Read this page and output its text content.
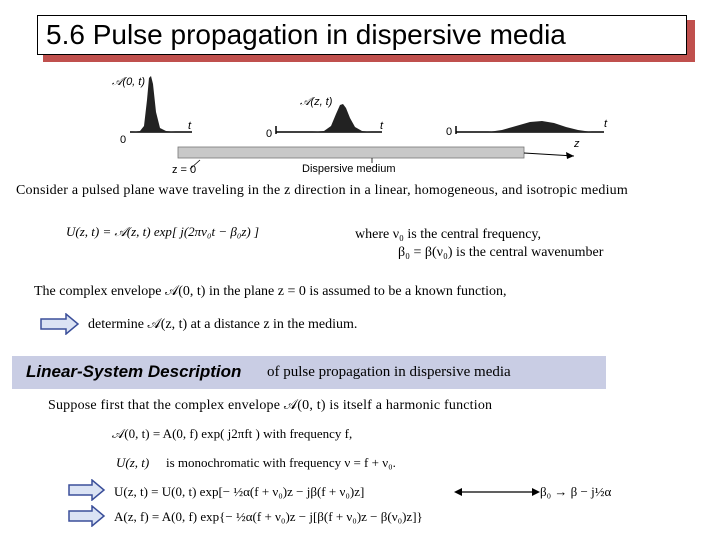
5.6 Pulse propagation in dispersive media
𝒜(0, t)
𝒜(z, t)
0	0	0
t	t	t
z
z = 0	Dispersive medium
Consider a pulsed plane wave traveling in the z direction in a linear, homogeneous, and isotropic medium
U(z, t) = 𝒜(z, t) exp[ j(2πν₀t − β₀z) ]	where ν₀ is the central frequency,
β₀ = β(ν₀) is the central wavenumber
The complex envelope 𝒜(0, t) in the plane z = 0 is assumed to be a known function,
determine 𝒜(z, t) at a distance z in the medium.
Linear-System Description of pulse propagation in dispersive media
Suppose first that the complex envelope 𝒜(0, t) is itself a harmonic function
𝒜(0, t) = A(0, f) exp( j2πft ) with frequency f,
U(z, t) is monochromatic with frequency ν = f + ν₀.
U(z, t) = U(0, t) exp[− ½α(f + ν₀)z − jβ(f + ν₀)z]	β₀ → β − j½α
A(z, f) = A(0, f) exp{− ½α(f + ν₀)z − j[β(f + ν₀)z − β(ν₀)z]}
